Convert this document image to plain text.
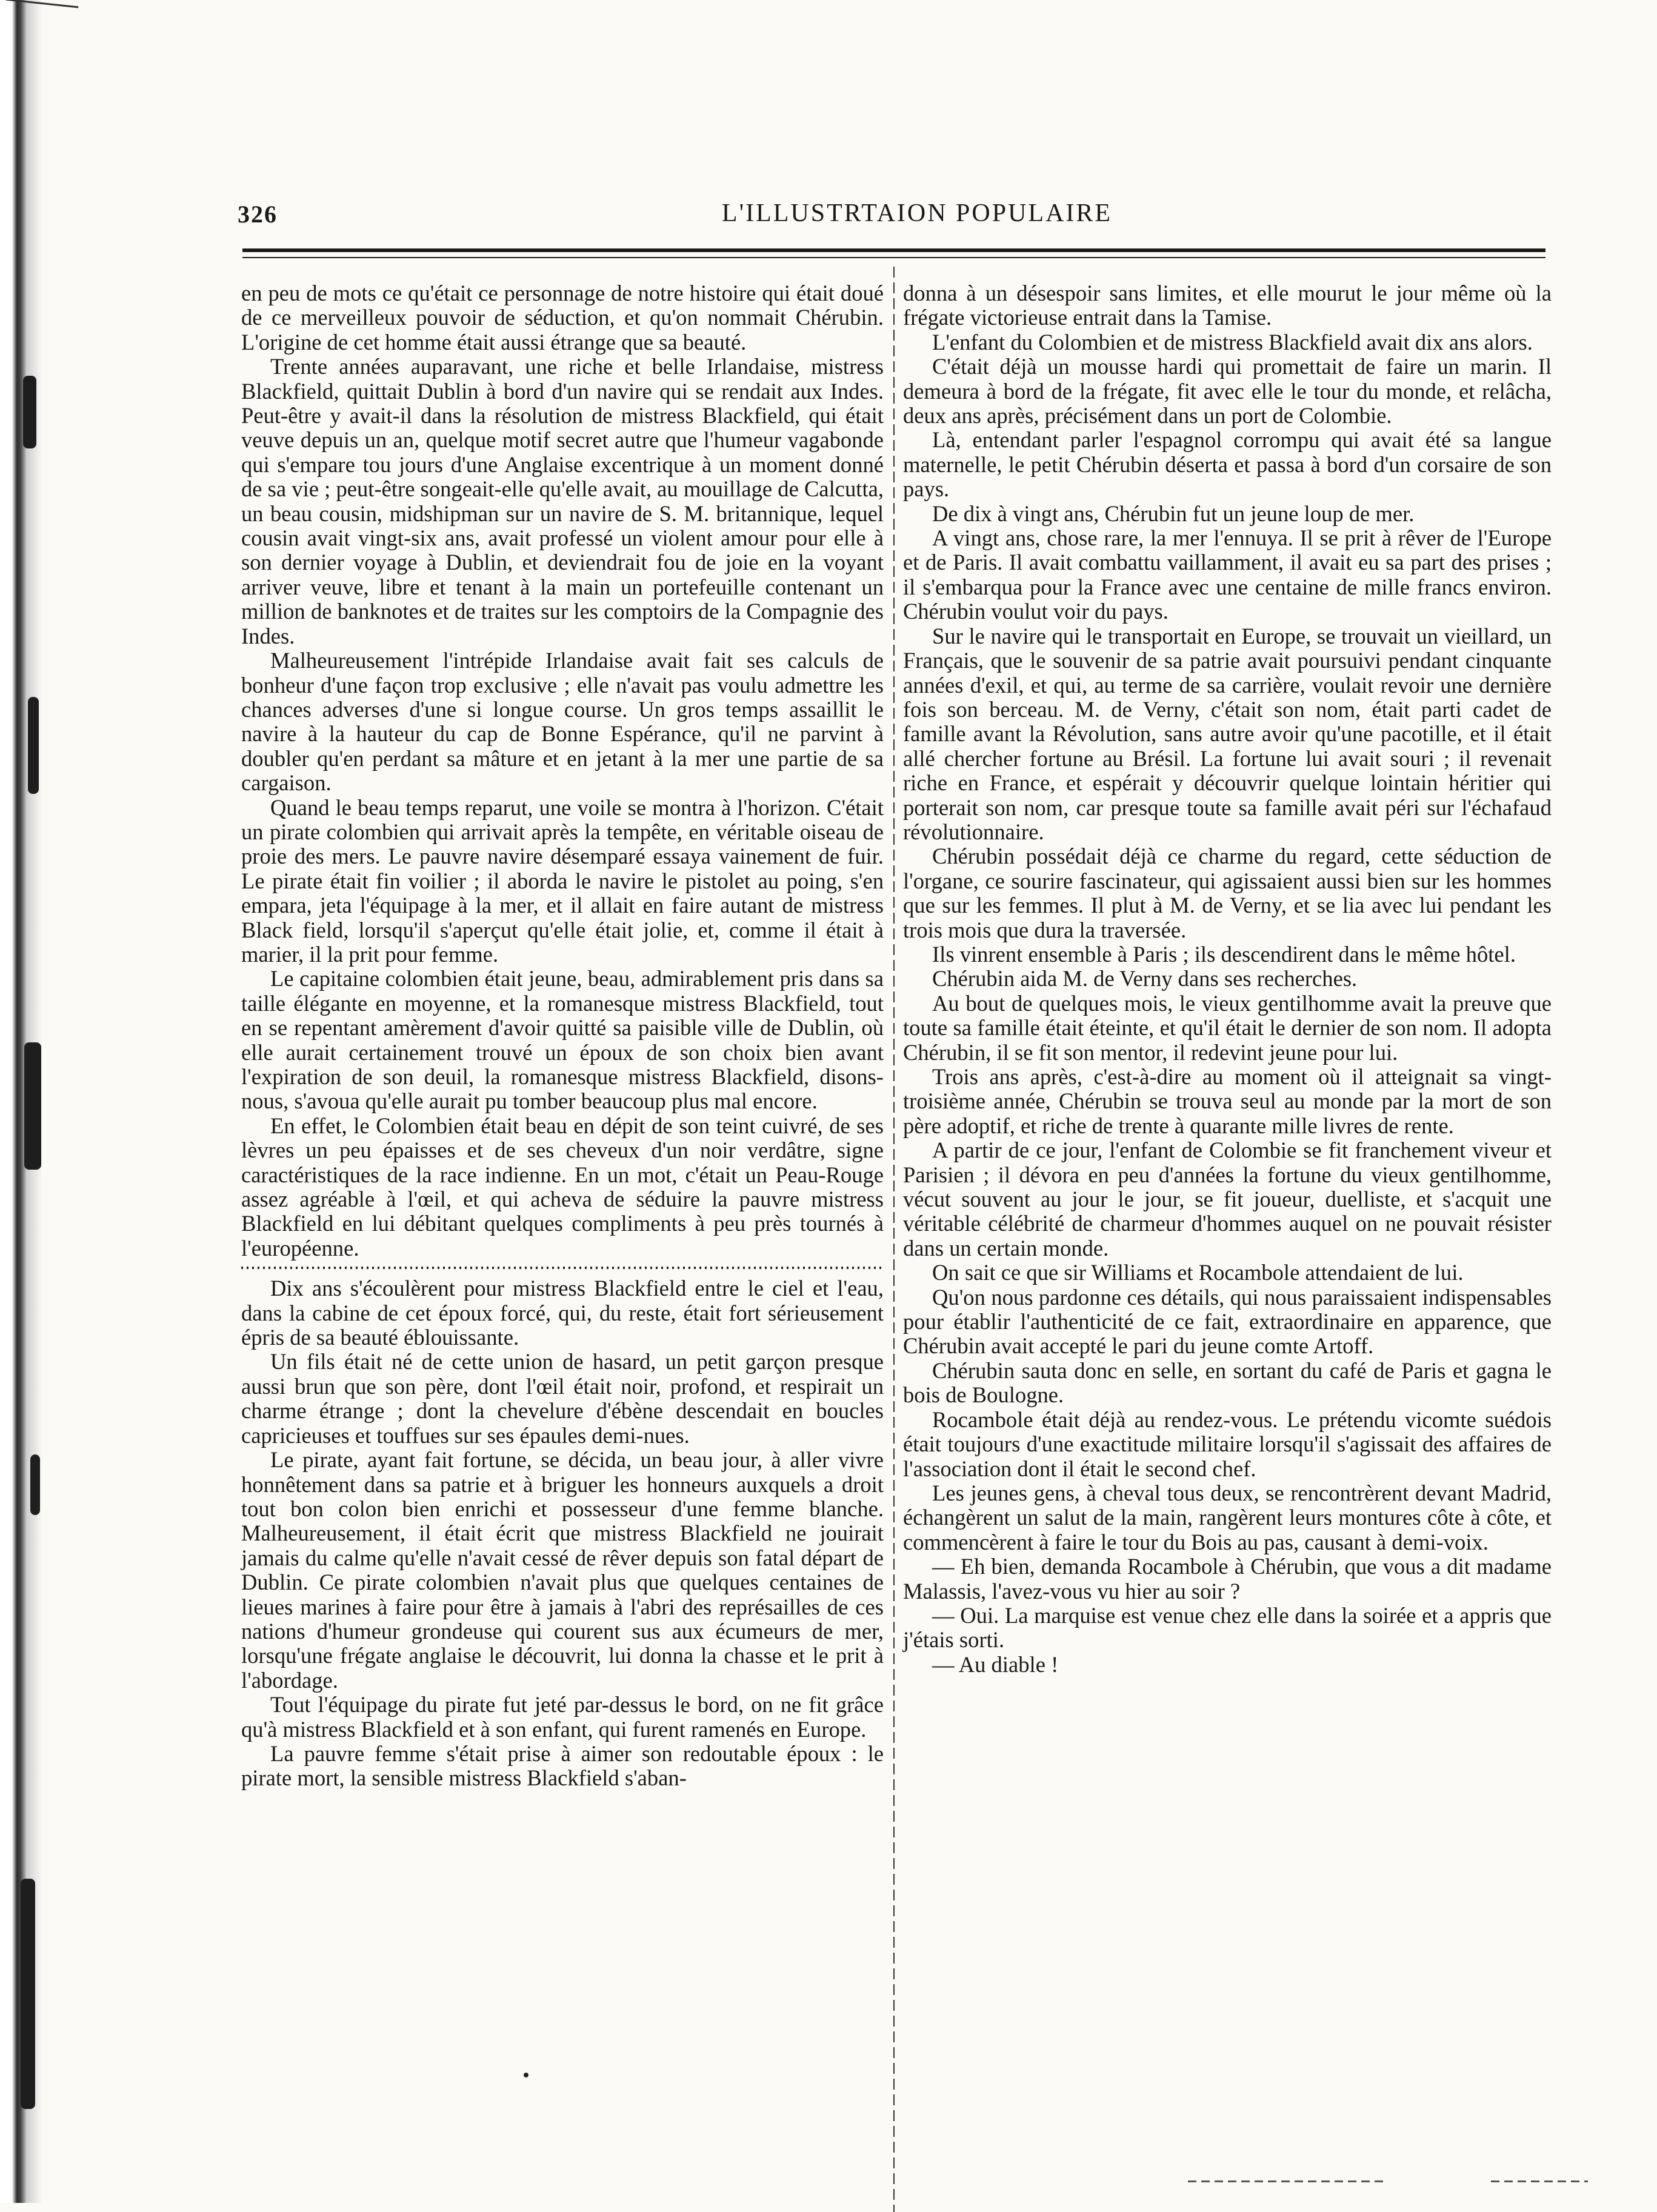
326	L'ILLUSTRTAION POPULAIRE

en peu de mots ce qu'était ce personnage de notre histoire qui était doué de ce merveilleux pouvoir de séduction, et qu'on nommait Chérubin. L'origine de cet homme était aussi étrange que sa beauté.

Trente années auparavant, une riche et belle Irlandaise, mistress Blackfield, quittait Dublin à bord d'un navire qui se rendait aux Indes. Peut-être y avait-il dans la résolution de mistress Blackfield, qui était veuve depuis un an, quelque motif secret autre que l'humeur vagabonde qui s'empare tou jours d'une Anglaise excentrique à un moment donné de sa vie ; peut-être songeait-elle qu'elle avait, au mouillage de Calcutta, un beau cousin, midshipman sur un navire de S. M. britannique, lequel cousin avait vingt-six ans, avait professé un violent amour pour elle à son dernier voyage à Dublin, et deviendrait fou de joie en la voyant arriver veuve, libre et tenant à la main un portefeuille contenant un million de banknotes et de traites sur les comptoirs de la Compagnie des Indes.

Malheureusement l'intrépide Irlandaise avait fait ses calculs de bonheur d'une façon trop exclusive ; elle n'avait pas voulu admettre les chances adverses d'une si longue course. Un gros temps assaillit le navire à la hauteur du cap de Bonne Espérance, qu'il ne parvint à doubler qu'en perdant sa mâture et en jetant à la mer une partie de sa cargaison.

Quand le beau temps reparut, une voile se montra à l'horizon. C'était un pirate colombien qui arrivait après la tempête, en véritable oiseau de proie des mers. Le pauvre navire désemparé essaya vainement de fuir. Le pirate était fin voilier ; il aborda le navire le pistolet au poing, s'en empara, jeta l'équipage à la mer, et il allait en faire autant de mistress Black field, lorsqu'il s'aperçut qu'elle était jolie, et, comme il était à marier, il la prit pour femme.

Le capitaine colombien était jeune, beau, admirablement pris dans sa taille élégante en moyenne, et la romanesque mistress Blackfield, tout en se repentant amèrement d'avoir quitté sa paisible ville de Dublin, où elle aurait certainement trouvé un époux de son choix bien avant l'expiration de son deuil, la romanesque mistress Blackfield, disons-nous, s'avoua qu'elle aurait pu tomber beaucoup plus mal encore.

En effet, le Colombien était beau en dépit de son teint cuivré, de ses lèvres un peu épaisses et de ses cheveux d'un noir verdâtre, signe caractéristiques de la race indienne. En un mot, c'était un Peau-Rouge assez agréable à l'œil, et qui acheva de séduire la pauvre mistress Blackfield en lui débitant quelques compliments à peu près tournés à l'européenne.

Dix ans s'écoulèrent pour mistress Blackfield entre le ciel et l'eau, dans la cabine de cet époux forcé, qui, du reste, était fort sérieusement épris de sa beauté éblouissante.

Un fils était né de cette union de hasard, un petit garçon presque aussi brun que son père, dont l'œil était noir, profond, et respirait un charme étrange ; dont la chevelure d'ébène descendait en boucles capricieuses et touffues sur ses épaules demi-nues.

Le pirate, ayant fait fortune, se décida, un beau jour, à aller vivre honnêtement dans sa patrie et à briguer les honneurs auxquels a droit tout bon colon bien enrichi et possesseur d'une femme blanche. Malheureusement, il était écrit que mistress Blackfield ne jouirait jamais du calme qu'elle n'avait cessé de rêver depuis son fatal départ de Dublin. Ce pirate colombien n'avait plus que quelques centaines de lieues marines à faire pour être à jamais à l'abri des représailles de ces nations d'humeur grondeuse qui courent sus aux écumeurs de mer, lorsqu'une frégate anglaise le découvrit, lui donna la chasse et le prit à l'abordage.

Tout l'équipage du pirate fut jeté par-dessus le bord, on ne fit grâce qu'à mistress Blackfield et à son enfant, qui furent ramenés en Europe.

La pauvre femme s'était prise à aimer son redoutable époux : le pirate mort, la sensible mistress Blackfield s'aban-

donna à un désespoir sans limites, et elle mourut le jour même où la frégate victorieuse entrait dans la Tamise.

L'enfant du Colombien et de mistress Blackfield avait dix ans alors.

C'était déjà un mousse hardi qui promettait de faire un marin. Il demeura à bord de la frégate, fit avec elle le tour du monde, et relâcha, deux ans après, précisément dans un port de Colombie.

Là, entendant parler l'espagnol corrompu qui avait été sa langue maternelle, le petit Chérubin déserta et passa à bord d'un corsaire de son pays.

De dix à vingt ans, Chérubin fut un jeune loup de mer.

A vingt ans, chose rare, la mer l'ennuya. Il se prit à rêver de l'Europe et de Paris. Il avait combattu vaillamment, il avait eu sa part des prises ; il s'embarqua pour la France avec une centaine de mille francs environ. Chérubin voulut voir du pays.

Sur le navire qui le transportait en Europe, se trouvait un vieillard, un Français, que le souvenir de sa patrie avait poursuivi pendant cinquante années d'exil, et qui, au terme de sa carrière, voulait revoir une dernière fois son berceau. M. de Verny, c'était son nom, était parti cadet de famille avant la Révolution, sans autre avoir qu'une pacotille, et il était allé chercher fortune au Brésil. La fortune lui avait souri ; il revenait riche en France, et espérait y découvrir quelque lointain héritier qui porterait son nom, car presque toute sa famille avait péri sur l'échafaud révolutionnaire.

Chérubin possédait déjà ce charme du regard, cette séduction de l'organe, ce sourire fascinateur, qui agissaient aussi bien sur les hommes que sur les femmes. Il plut à M. de Verny, et se lia avec lui pendant les trois mois que dura la traversée.

Ils vinrent ensemble à Paris ; ils descendirent dans le même hôtel.

Chérubin aida M. de Verny dans ses recherches.

Au bout de quelques mois, le vieux gentilhomme avait la preuve que toute sa famille était éteinte, et qu'il était le dernier de son nom. Il adopta Chérubin, il se fit son mentor, il redevint jeune pour lui.

Trois ans après, c'est-à-dire au moment où il atteignait sa vingt-troisième année, Chérubin se trouva seul au monde par la mort de son père adoptif, et riche de trente à quarante mille livres de rente.

A partir de ce jour, l'enfant de Colombie se fit franchement viveur et Parisien ; il dévora en peu d'années la fortune du vieux gentilhomme, vécut souvent au jour le jour, se fit joueur, duelliste, et s'acquit une véritable célébrité de charmeur d'hommes auquel on ne pouvait résister dans un certain monde.

On sait ce que sir Williams et Rocambole attendaient de lui.

Qu'on nous pardonne ces détails, qui nous paraissaient indispensables pour établir l'authenticité de ce fait, extraordinaire en apparence, que Chérubin avait accepté le pari du jeune comte Artoff.

Chérubin sauta donc en selle, en sortant du café de Paris et gagna le bois de Boulogne.

Rocambole était déjà au rendez-vous. Le prétendu vicomte suédois était toujours d'une exactitude militaire lorsqu'il s'agissait des affaires de l'association dont il était le second chef.

Les jeunes gens, à cheval tous deux, se rencontrèrent devant Madrid, échangèrent un salut de la main, rangèrent leurs montures côte à côte, et commencèrent à faire le tour du Bois au pas, causant à demi-voix.

— Eh bien, demanda Rocambole à Chérubin, que vous a dit madame Malassis, l'avez-vous vu hier au soir ?

— Oui. La marquise est venue chez elle dans la soirée et a appris que j'étais sorti.

— Au diable !
